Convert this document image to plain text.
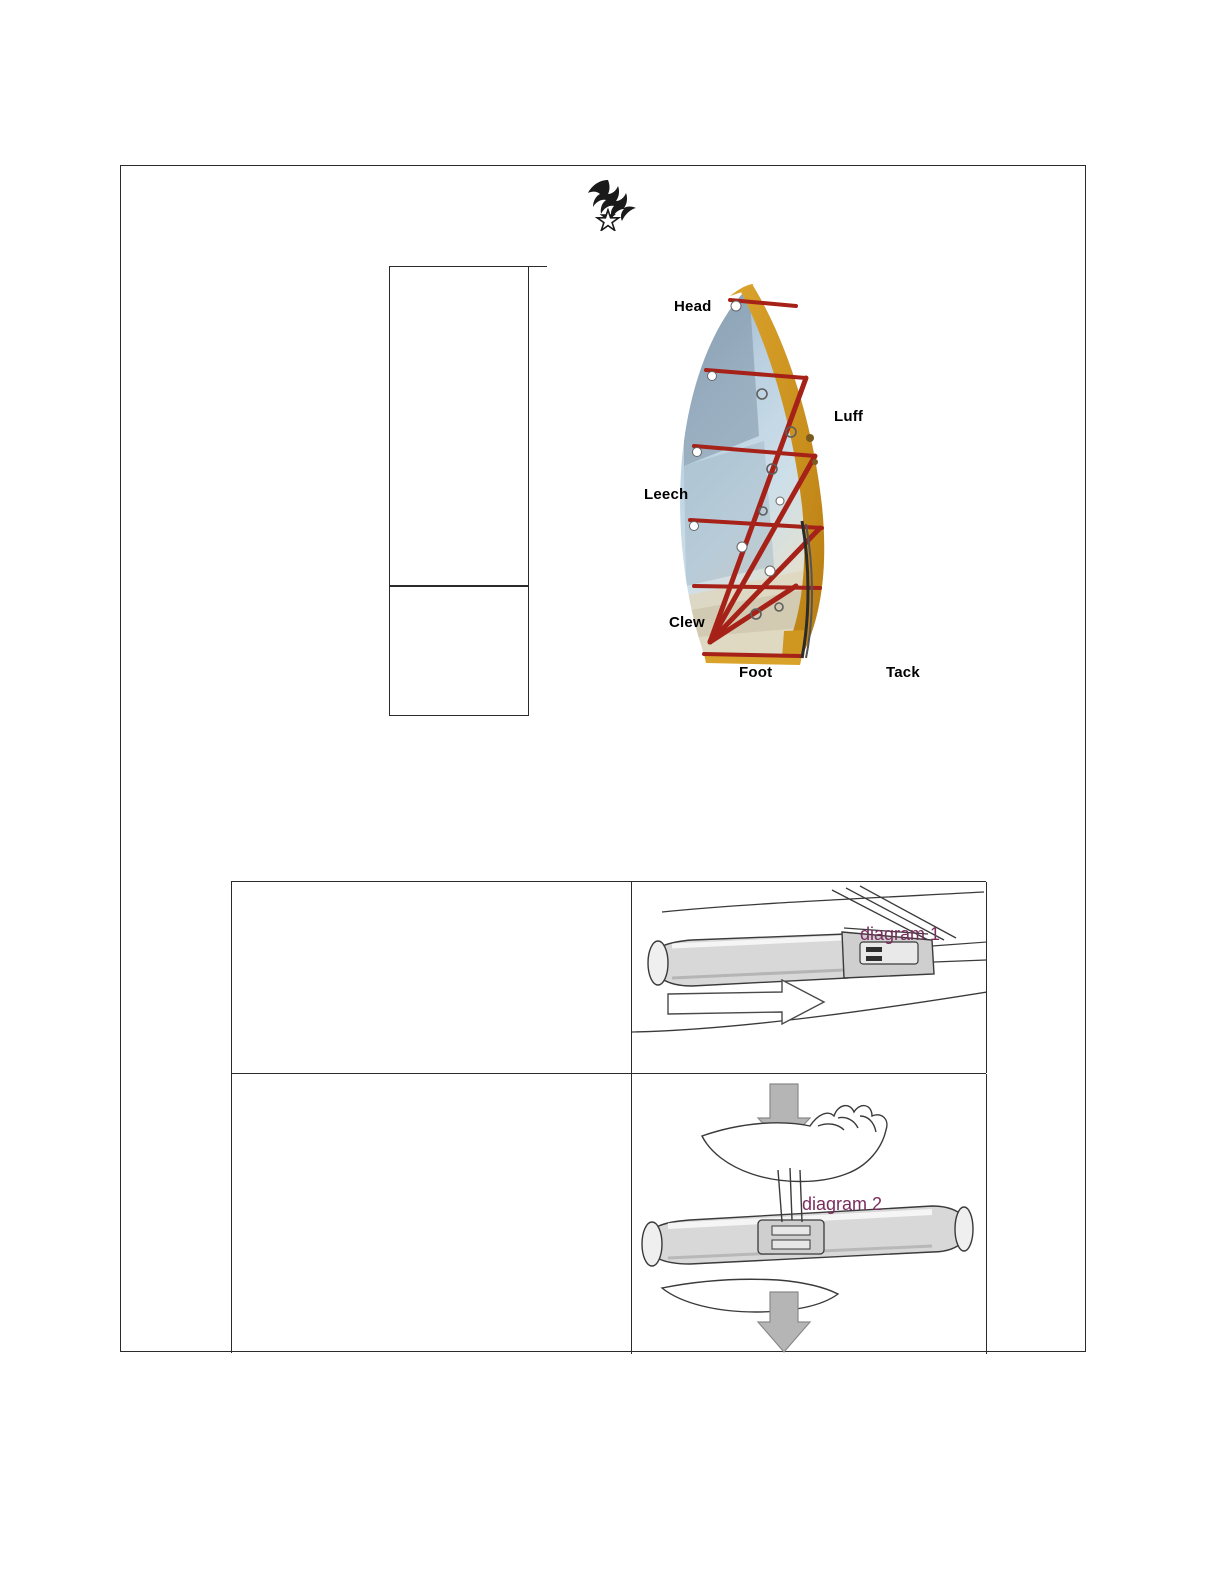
Head
Luff
Leech
Clew
Foot	Tack
diagram 1
diagram 2
